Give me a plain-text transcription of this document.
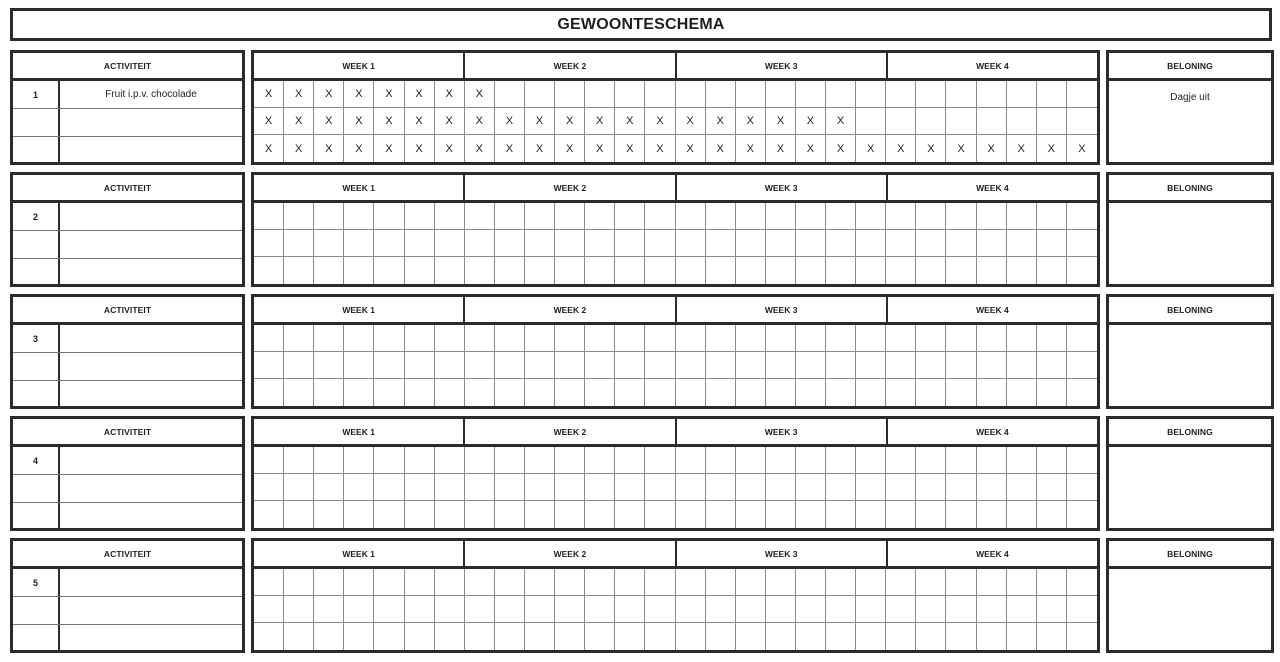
GEWOONTESCHEMA
ACTIVITEIT
1	Fruit i.p.v. chocolade
WEEK 1	WEEK 2	WEEK 3	WEEK 4
X X X X X X X X
X X X X X X X X X X X X X X X X X X X X
X X X X X X X X X X X X X X X X X X X X X X X X X X X X
BELONING
Dagje uit
ACTIVITEIT
2
WEEK 1	WEEK 2	WEEK 3	WEEK 4	BELONING
ACTIVITEIT
3
WEEK 1	WEEK 2	WEEK 3	WEEK 4	BELONING
ACTIVITEIT
4
WEEK 1	WEEK 2	WEEK 3	WEEK 4	BELONING
ACTIVITEIT
5
WEEK 1	WEEK 2	WEEK 3	WEEK 4	BELONING
